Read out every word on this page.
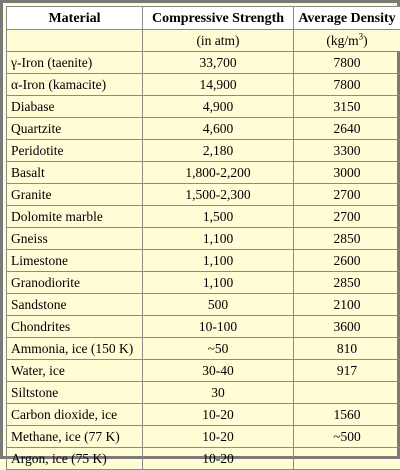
Material	Compressive Strength	Average Density
	(in atm)	$(kg/m^3)$
γ-Iron (taenite)	33,700	7800
α-Iron (kamacite)	14,900	7800
Diabase	4,900	3150
Quartzite	4,600	2640
Peridotite	2,180	3300
Basalt	1,800-2,200	3000
Granite	1,500-2,300	2700
Dolomite marble	1,500	2700
Gneiss	1,100	2850
Limestone	1,100	2600
Granodiorite	1,100	2850
Sandstone	500	2100
Chondrites	10-100	3600
Ammonia, ice (150 K)	~50	810
Water, ice	30-40	917
Siltstone	30	
Carbon dioxide, ice	10-20	1560
Methane, ice (77 K)	10-20	~500
Argon, ice (75 K)	10-20	
